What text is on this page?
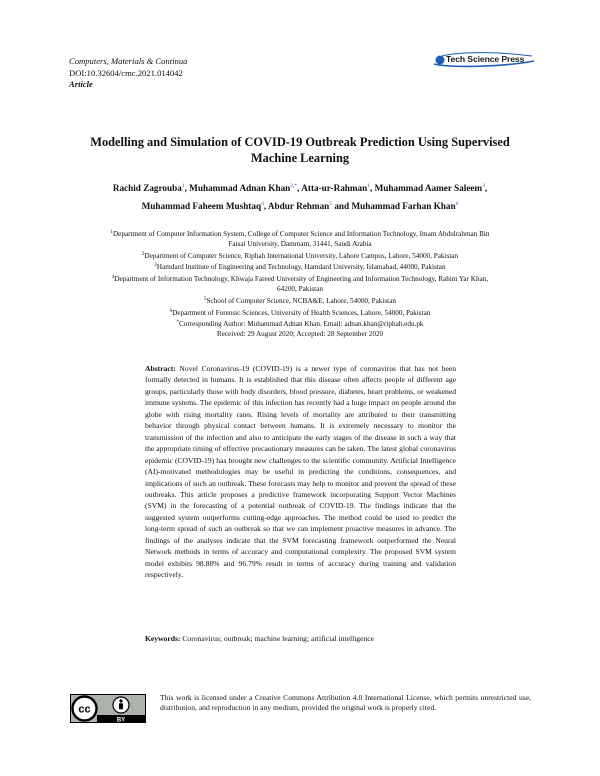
Computers, Materials & Continua
DOI:10.32604/cmc.2021.014042
Article
Tech Science Press
Modelling and Simulation of COVID-19 Outbreak Prediction Using Supervised
Machine Learning
Rachid Zagrouba$^1$, Muhammad Adnan Khan$^{2,*}$, Atta-ur-Rahman$^1$, Muhammad Aamer Saleem$^3$,
Muhammad Faheem Mushtaq$^4$, Abdur Rehman$^5$ and Muhammad Farhan Khan$^6$
$^1$Department of Computer Information System, College of Computer Science and Information Technology, Imam Abdulrahman Bin
Faisal University, Dammam, 31441, Saudi Arabia
$^2$Department of Computer Science, Riphah International University, Lahore Campus, Lahore, 54000, Pakistan
$^3$Hamdard Institute of Engineering and Technology, Hamdard University, Islamabad, 44000, Pakistan
$^4$Department of Information Technology, Khwaja Fareed University of Engineering and Information Technology, Rahim Yar Khan,
64200, Pakistan
$^5$School of Computer Science, NCBA&E, Lahore, 54000, Pakistan
$^6$Department of Forensic Sciences, University of Health Sciences, Lahore, 54000, Pakistan
*Corresponding Author: Muhammad Adnan Khan. Email: adnan.khan@riphah.edu.pk
Received: 29 August 2020; Accepted: 28 September 2020
Abstract: Novel Coronavirus-19 (COVID-19) is a newer type of coronavirus that has not been formally detected in humans. It is established that this disease often affects people of different age groups, particularly those with body disorders, blood pressure, diabetes, heart problems, or weakened immune systems. The epidemic of this infection has recently had a huge impact on people around the globe with rising mortality rates. Rising levels of mortality are attributed to their transmitting behavior through physical contact between humans. It is extremely necessary to monitor the transmission of the infection and also to anticipate the early stages of the disease in such a way that the appropriate timing of effective precautionary measures can be taken. The latest global coronavirus epidemic (COVID-19) has brought new challenges to the scientific community. Artificial Intelligence (AI)-motivated methodologies may be useful in predicting the conditions, consequences, and implications of such an outbreak. These forecasts may help to monitor and prevent the spread of these outbreaks. This article proposes a predictive framework incorporating Support Vector Machines (SVM) in the forecasting of a potential outbreak of COVID-19. The findings indicate that the suggested system outperforms cutting-edge approaches. The method could be used to predict the long-term spread of such an outbreak so that we can implement proactive measures in advance. The findings of the analyses indicate that the SVM forecasting framework outperformed the Neural Network methods in terms of accuracy and computational complexity. The proposed SVM system model exhibits 98.88% and 96.79% result in terms of accuracy during training and validation respectively.
Keywords: Coronavirus; outbreak; machine learning; artificial intelligence
cc
BY
This work is licensed under a Creative Commons Attribution 4.0 International License, which permits unrestricted use, distribution, and reproduction in any medium, provided the original work is properly cited.
